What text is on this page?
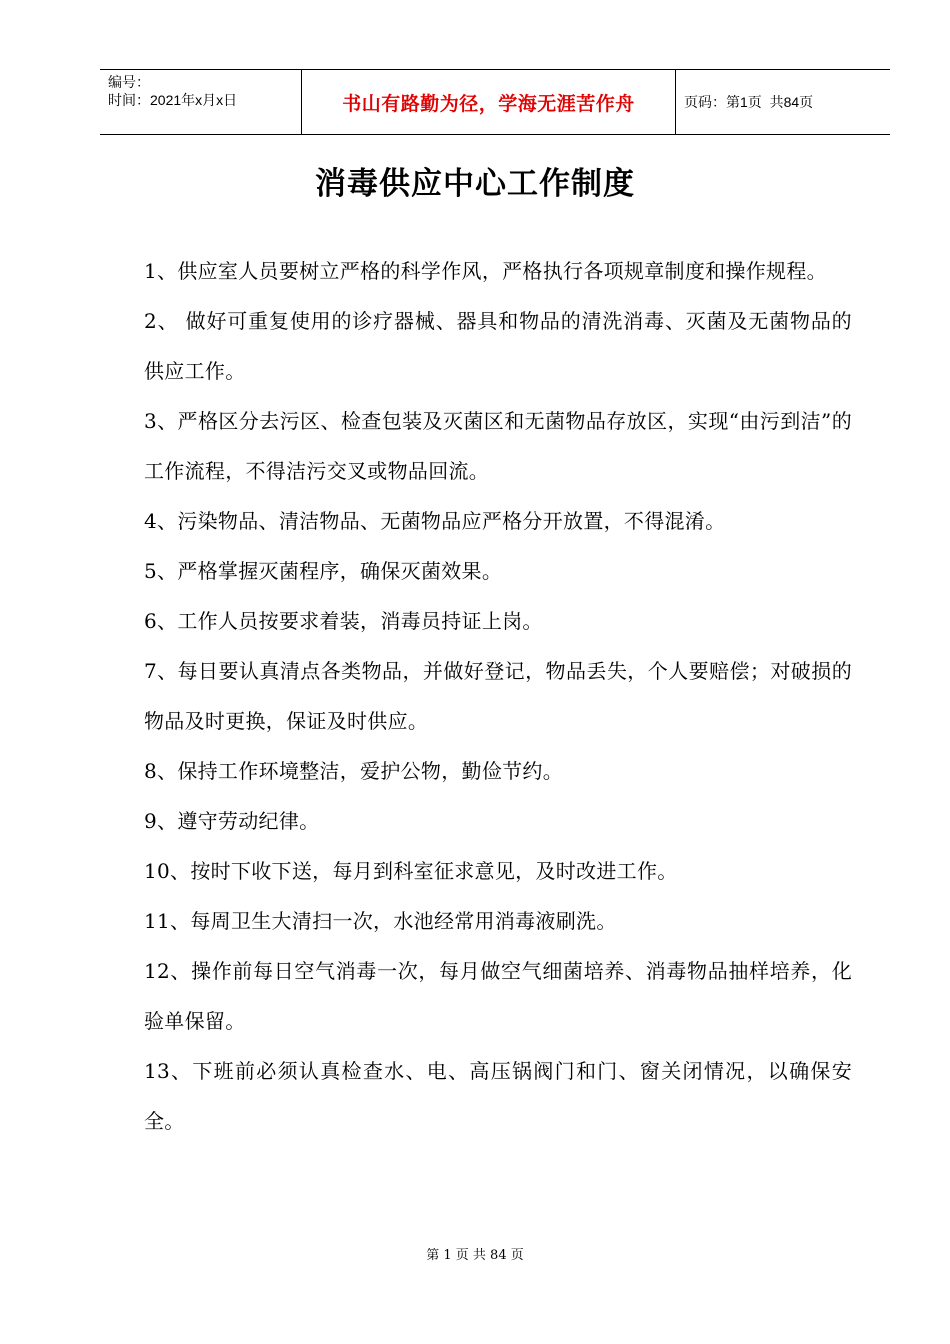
编号：
时间：2021年x月x日	书山有路勤为径，学海无涯苦作舟	页码：第1页  共84页
消毒供应中心工作制度

1、供应室人员要树立严格的科学作风，严格执行各项规章制度和操作规程。

2、 做好可重复使用的诊疗器械、器具和物品的清洗消毒、灭菌及无菌物品的供应工作。

3、严格区分去污区、检查包装及灭菌区和无菌物品存放区，实现“由污到洁”的工作流程，不得洁污交叉或物品回流。

4、污染物品、清洁物品、无菌物品应严格分开放置，不得混淆。

5、严格掌握灭菌程序，确保灭菌效果。

6、工作人员按要求着装，消毒员持证上岗。

7、每日要认真清点各类物品，并做好登记，物品丢失，个人要赔偿；对破损的物品及时更换，保证及时供应。

8、保持工作环境整洁，爱护公物，勤俭节约。

9、遵守劳动纪律。

10、按时下收下送，每月到科室征求意见，及时改进工作。

11、每周卫生大清扫一次，水池经常用消毒液刷洗。

12、操作前每日空气消毒一次，每月做空气细菌培养、消毒物品抽样培养，化验单保留。

13、下班前必须认真检查水、电、高压锅阀门和门、窗关闭情况，以确保安全。

第 1 页 共 84 页
